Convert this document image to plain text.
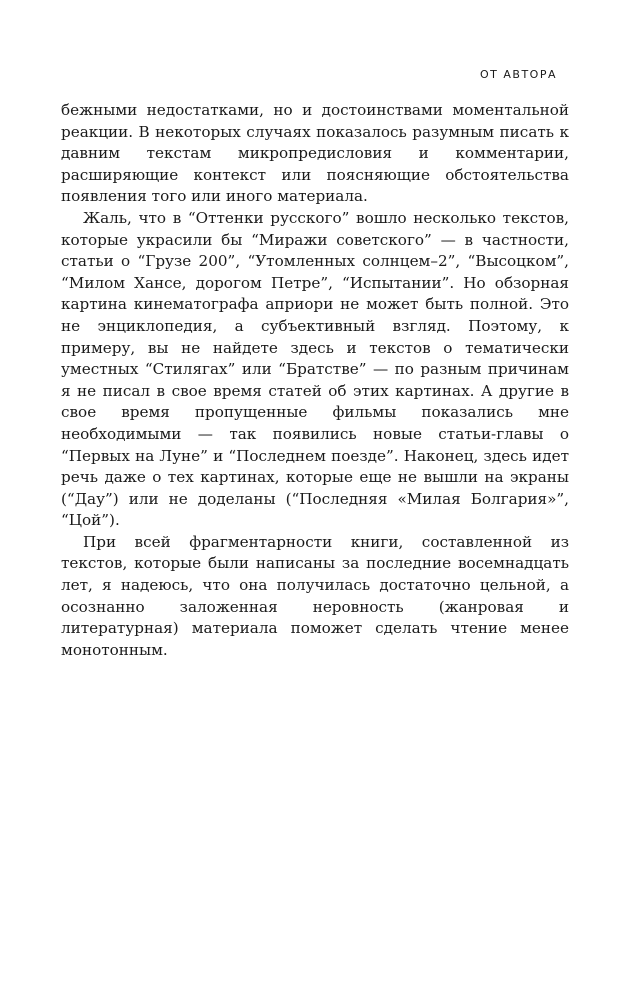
ОТ АВТОРА

бежными недостатками, но и достоинствами моментальной реакции. В некоторых случаях показалось разумным писать к давним текстам микропредисловия и комментарии, расширяющие контекст или поясняющие обстоятельства появления того или иного материала.

Жаль, что в “Оттенки русского” вошло несколько текстов, которые украсили бы “Миражи советского” — в частности, статьи о “Грузе 200”, “Утомленных солнцем–2”, “Высоцком”, “Милом Хансе, дорогом Петре”, “Испытании”. Но обзорная картина кинематографа априори не может быть полной. Это не энциклопедия, а субъективный взгляд. Поэтому, к примеру, вы не найдете здесь и текстов о тематически уместных “Стилягах” или “Братстве” — по разным причинам я не писал в свое время статей об этих картинах. А другие в свое время пропущенные фильмы показались мне необходимыми — так появились новые статьи-главы о “Первых на Луне” и “Последнем поезде”. Наконец, здесь идет речь даже о тех картинах, которые еще не вышли на экраны (“Дау”) или не доделаны (“Последняя «Милая Болгария»”, “Цой”).

При всей фрагментарности книги, составленной из текстов, которые были написаны за последние восемнадцать лет, я надеюсь, что она получилась достаточно цельной, а осознанно заложенная неровность (жанровая и литературная) материала поможет сделать чтение менее монотонным.
